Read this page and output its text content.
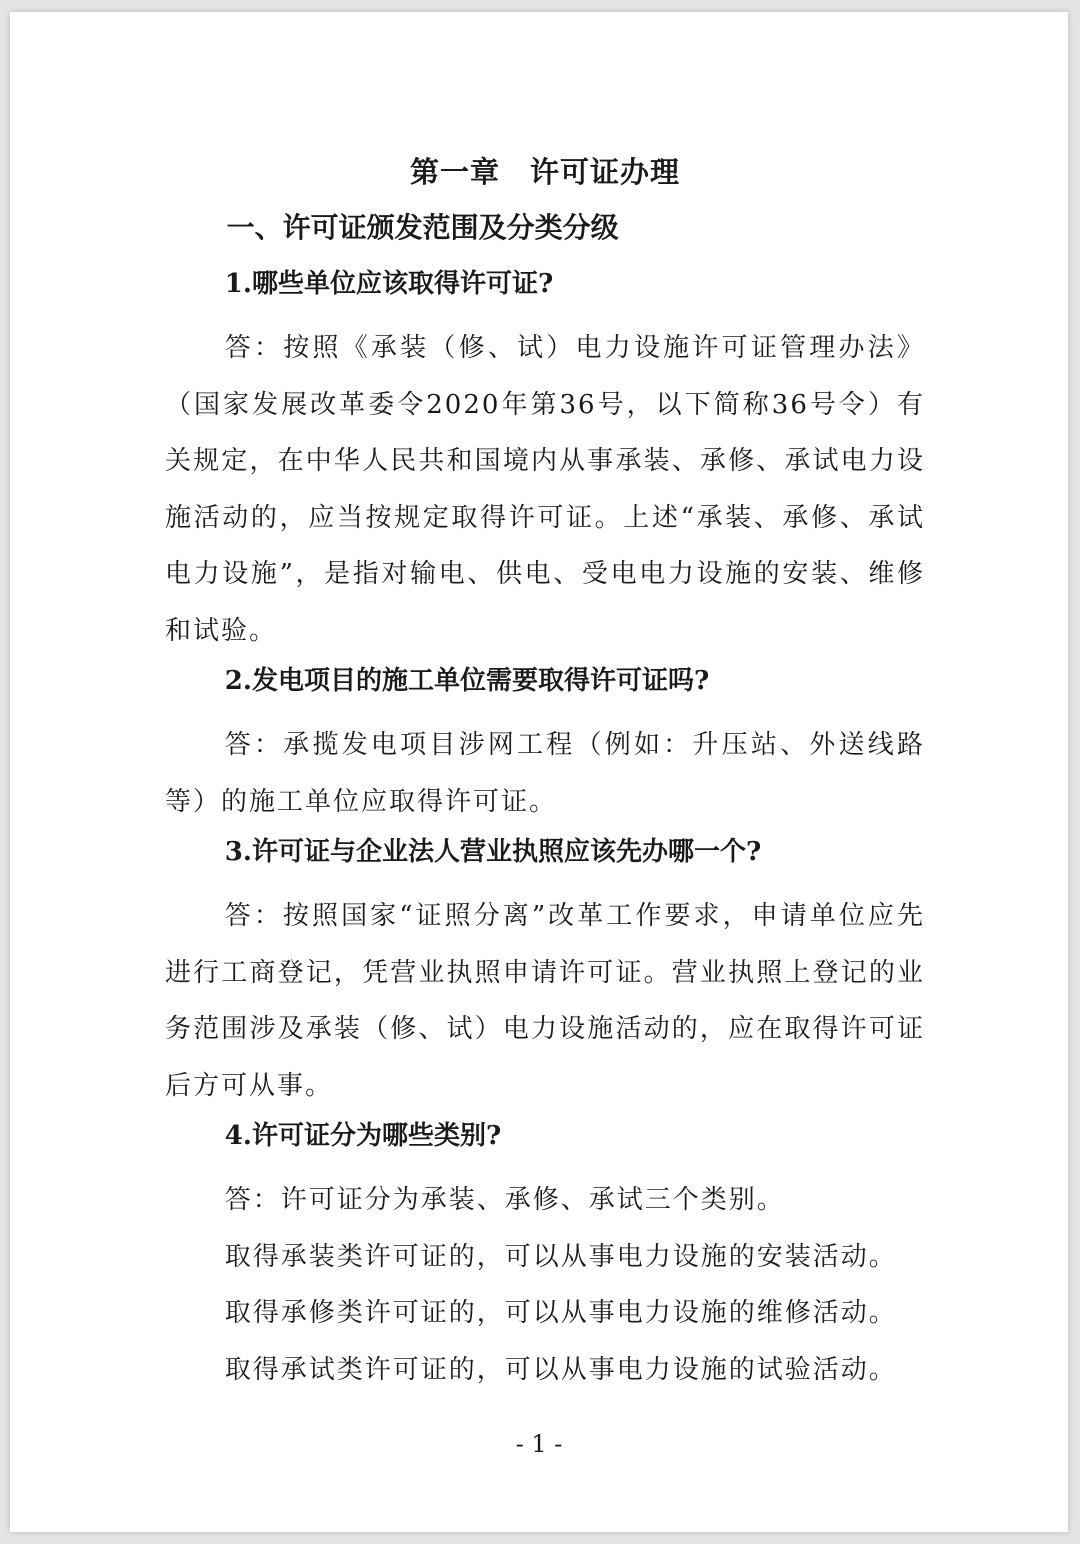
第一章 许可证办理
一、许可证颁发范围及分类分级

1.哪些单位应该取得许可证?

答：按照《承装（修、试）电力设施许可证管理办法》（国家发展改革委令2020年第36号，以下简称36号令）有关规定，在中华人民共和国境内从事承装、承修、承试电力设施活动的，应当按规定取得许可证。上述“承装、承修、承试电力设施”，是指对输电、供电、受电电力设施的安装、维修和试验。

2.发电项目的施工单位需要取得许可证吗?

答：承揽发电项目涉网工程（例如：升压站、外送线路等）的施工单位应取得许可证。

3.许可证与企业法人营业执照应该先办哪一个?

答：按照国家“证照分离”改革工作要求，申请单位应先进行工商登记，凭营业执照申请许可证。营业执照上登记的业务范围涉及承装（修、试）电力设施活动的，应在取得许可证后方可从事。

4.许可证分为哪些类别?

答：许可证分为承装、承修、承试三个类别。

取得承装类许可证的，可以从事电力设施的安装活动。

取得承修类许可证的，可以从事电力设施的维修活动。

取得承试类许可证的，可以从事电力设施的试验活动。

- 1 -
